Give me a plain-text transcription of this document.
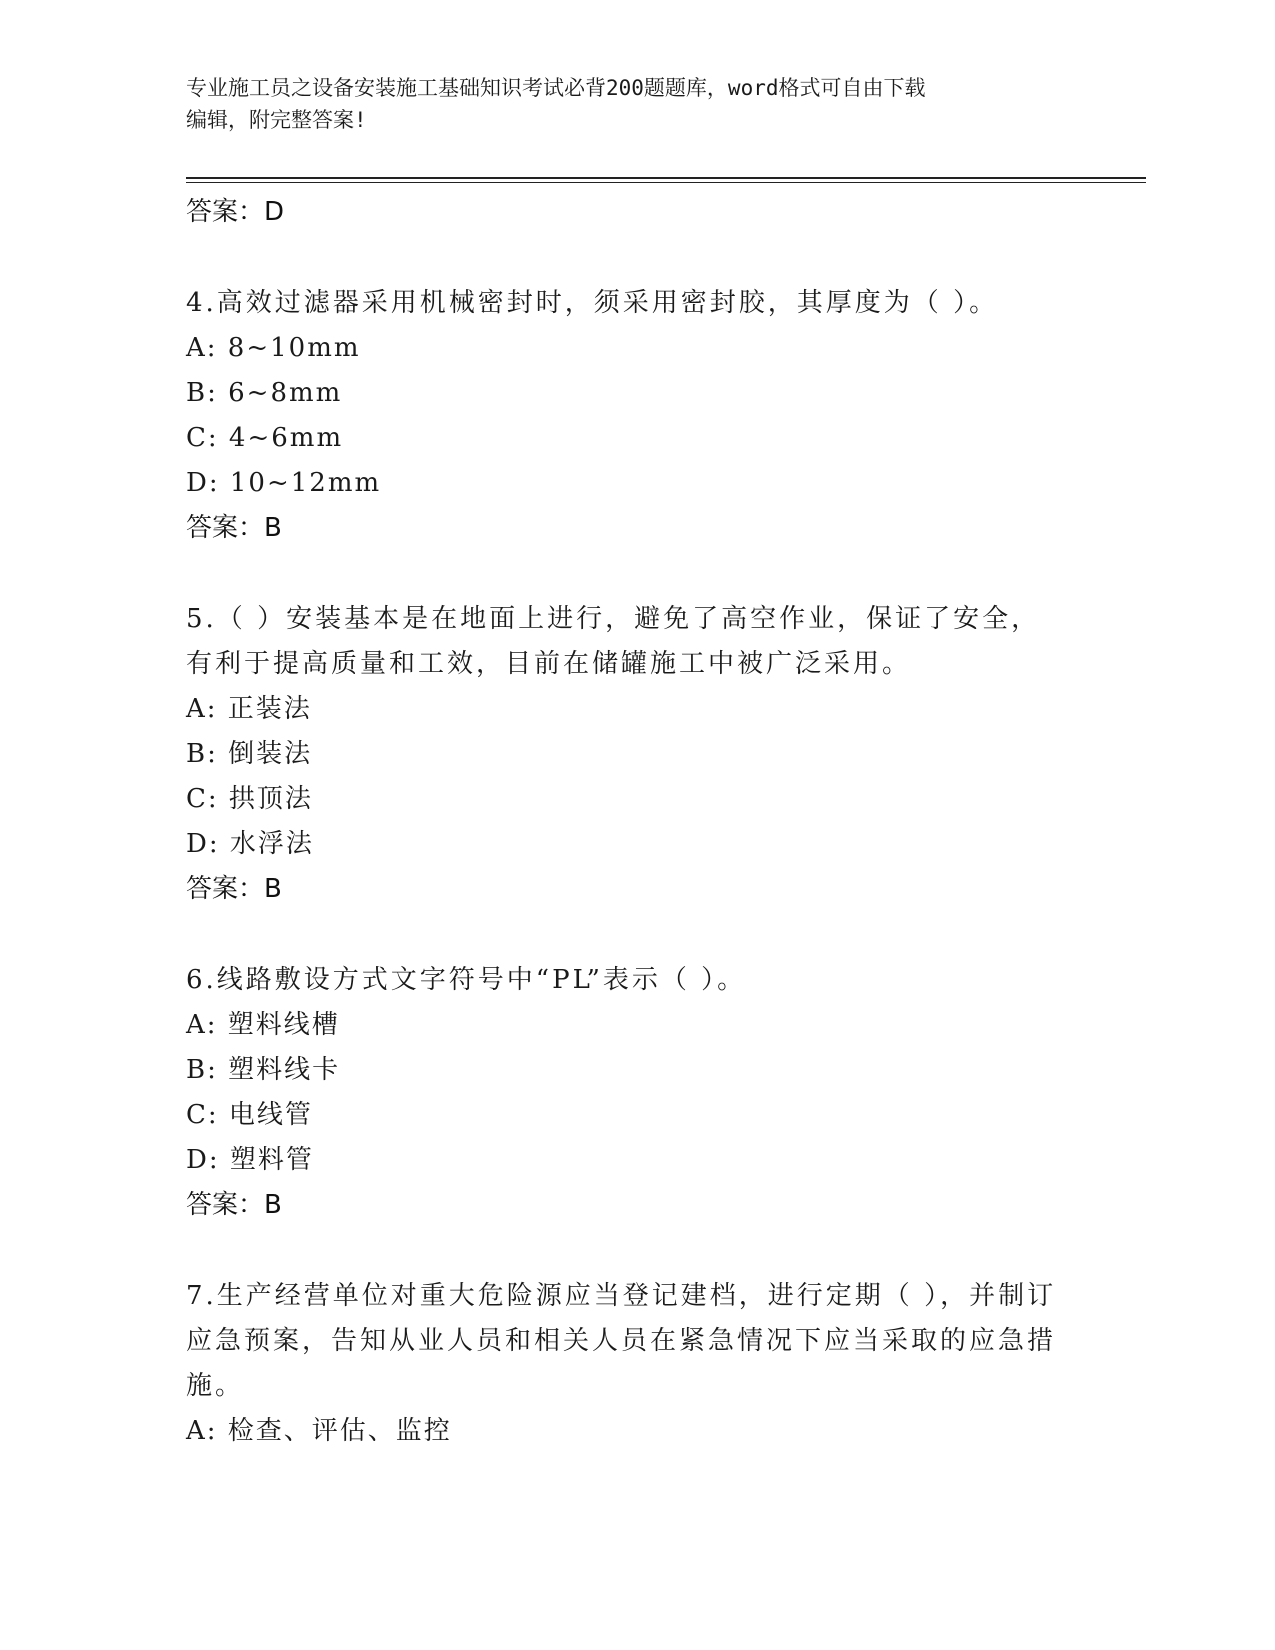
专业施工员之设备安装施工基础知识考试必背200题题库，word格式可自由下载
编辑，附完整答案!
答案：D
4.高效过滤器采用机械密封时，须采用密封胶，其厚度为（ ）。
A: 8~10mm
B: 6~8mm
C: 4~6mm
D: 10~12mm
答案：B
5.（ ）安装基本是在地面上进行，避免了高空作业，保证了安全，有利于提高质量和工效，目前在储罐施工中被广泛采用。
A: 正装法
B: 倒装法
C: 拱顶法
D: 水浮法
答案：B
6.线路敷设方式文字符号中“PL”表示（ ）。
A: 塑料线槽
B: 塑料线卡
C: 电线管
D: 塑料管
答案：B
7.生产经营单位对重大危险源应当登记建档，进行定期（ ），并制订应急预案，告知从业人员和相关人员在紧急情况下应当采取的应急措施。
A: 检查、评估、监控
